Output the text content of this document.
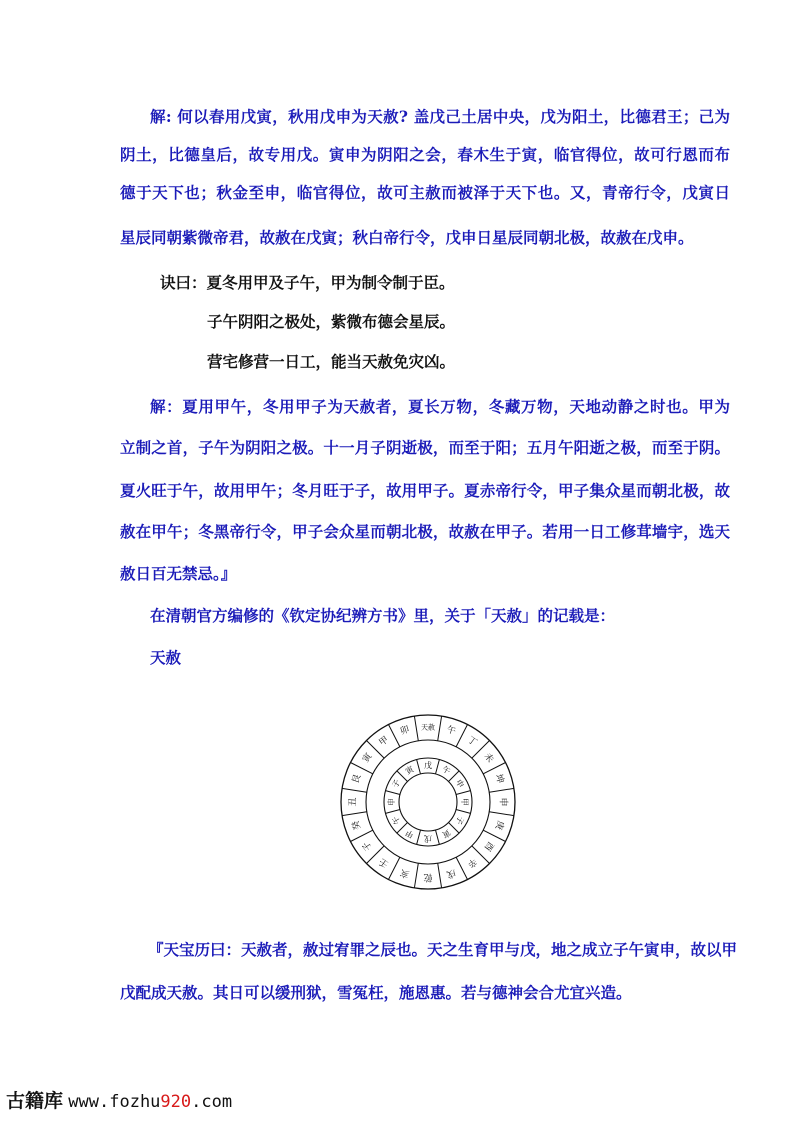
解: 何以春用戊寅，秋用戊申为天赦? 盖戊己土居中央，戊为阳土，比德君王；己为
阴土，比德皇后，故专用戊。寅申为阴阳之会，春木生于寅，临官得位，故可行恩而布
德于天下也；秋金至申，临官得位，故可主赦而被泽于天下也。又，青帝行令，戊寅日
星辰同朝紫微帝君，故赦在戊寅；秋白帝行令，戊申日星辰同朝北极，故赦在戊申。
诀曰：夏冬用甲及子午，甲为制令制于臣。
子午阴阳之极处，紫微布德会星辰。
营宅修营一日工，能当天赦免灾凶。
解：夏用甲午，冬用甲子为天赦者，夏长万物，冬藏万物，天地动静之时也。甲为
立制之首，子午为阴阳之极。十一月子阴逝极，而至于阳；五月午阳逝之极，而至于阴。
夏火旺于午，故用甲午；冬月旺于子，故用甲子。夏赤帝行令，甲子集众星而朝北极，故
赦在甲午；冬黑帝行令，甲子会众星而朝北极，故赦在甲子。若用一日工修茸墙宇，选天
赦日百无禁忌。』
在清朝官方编修的《钦定协纪辨方书》里，关于「天赦」的记载是：
天赦
天赦 午
丁
未
坤
申
庚
酉
辛
戌
乾
亥
壬
子
癸
丑
艮
寅
甲
卯
戊 午
申
甲
子
寅
戊
甲
午
申
子
寅
『天宝历曰：天赦者，赦过宥罪之辰也。天之生育甲与戊，地之成立子午寅申，故以甲
戊配成天赦。其日可以缓刑狱，雪冤枉，施恩惠。若与德神会合尤宜兴造。
古籍库 www.fozhu920.com
